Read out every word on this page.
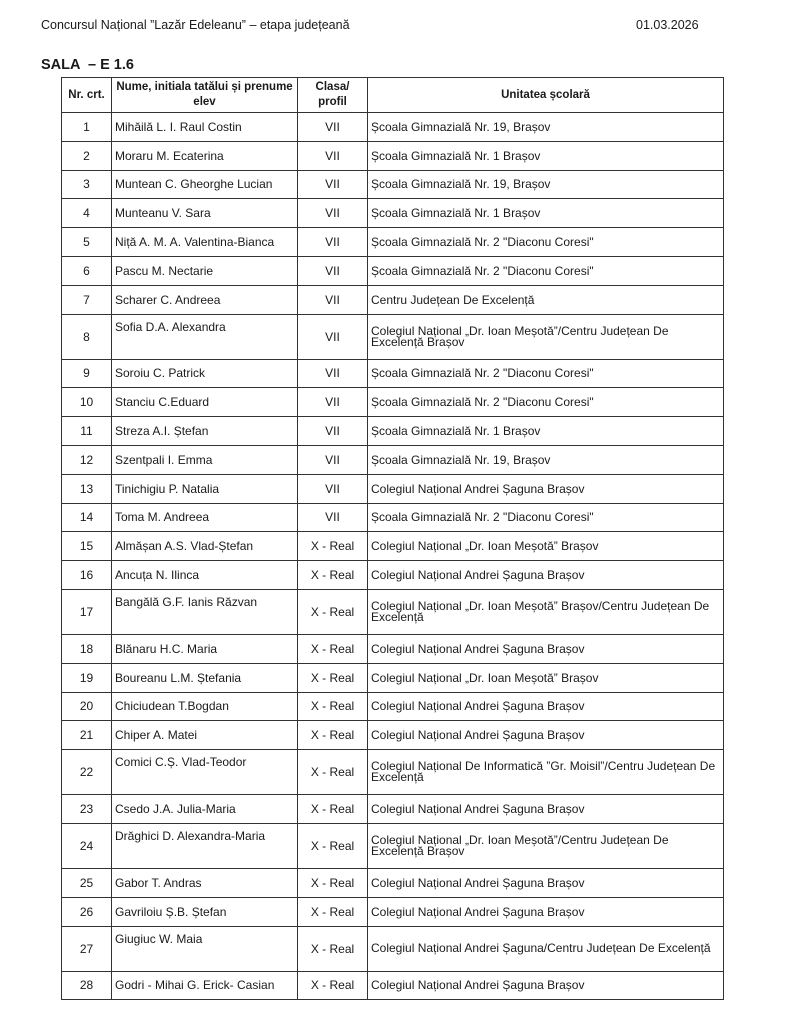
Concursul Național ”Lazăr Edeleanu” – etapa județeană	01.03.2026
SALA  – E 1.6
Nr. crt.	Nume, initiala tatălui și prenume elev	Clasa/ profil	Unitatea școlară
1	Mihăilă L. I. Raul Costin	VII	Școala Gimnazială Nr. 19, Brașov
2	Moraru M. Ecaterina	VII	Școala Gimnazială Nr. 1 Brașov
3	Muntean C. Gheorghe Lucian	VII	Școala Gimnazială Nr. 19, Brașov
4	Munteanu V. Sara	VII	Școala Gimnazială Nr. 1 Brașov
5	Niță A. M. A. Valentina-Bianca	VII	Școala Gimnazială Nr. 2 "Diaconu Coresi"
6	Pascu M. Nectarie	VII	Școala Gimnazială Nr. 2 "Diaconu Coresi"
7	Scharer C. Andreea	VII	Centru Județean De Excelență
8	Sofia D.A. Alexandra	VII	Colegiul Național „Dr. Ioan Meșotă”/Centru Județean De Excelență Brașov
9	Soroiu C. Patrick	VII	Școala Gimnazială Nr. 2 "Diaconu Coresi"
10	Stanciu C.Eduard	VII	Școala Gimnazială Nr. 2 "Diaconu Coresi"
11	Streza A.I. Ștefan	VII	Școala Gimnazială Nr. 1 Brașov
12	Szentpali I. Emma	VII	Școala Gimnazială Nr. 19, Brașov
13	Tinichigiu P. Natalia	VII	Colegiul Național Andrei Șaguna Brașov
14	Toma M. Andreea	VII	Școala Gimnazială Nr. 2 "Diaconu Coresi"
15	Almășan A.S. Vlad-Ștefan	X - Real	Colegiul Național „Dr. Ioan Meșotă” Brașov
16	Ancuța N. Ilinca	X - Real	Colegiul Național Andrei Șaguna Brașov
17	Bangălă G.F. Ianis Răzvan	X - Real	Colegiul Național „Dr. Ioan Meșotă” Brașov/Centru Județean De Excelență
18	Blănaru H.C. Maria	X - Real	Colegiul Național Andrei Șaguna Brașov
19	Boureanu L.M. Ștefania	X - Real	Colegiul Național „Dr. Ioan Meșotă” Brașov
20	Chiciudean T.Bogdan	X - Real	Colegiul Național Andrei Șaguna Brașov
21	Chiper A. Matei	X - Real	Colegiul Național Andrei Șaguna Brașov
22	Comici C.Ș. Vlad-Teodor	X - Real	Colegiul Național De Informatică ”Gr. Moisil”/Centru Județean De Excelență
23	Csedo J.A. Julia-Maria	X - Real	Colegiul Național Andrei Șaguna Brașov
24	Drăghici D. Alexandra-Maria	X - Real	Colegiul Național „Dr. Ioan Meșotă”/Centru Județean De Excelență Brașov
25	Gabor T. Andras	X - Real	Colegiul Național Andrei Șaguna Brașov
26	Gavriloiu Ș.B. Ștefan	X - Real	Colegiul Național Andrei Șaguna Brașov
27	Giugiuc W. Maia	X - Real	Colegiul Național Andrei Șaguna/Centru Județean De Excelență
28	Godri - Mihai G. Erick- Casian	X - Real	Colegiul Național Andrei Șaguna Brașov
